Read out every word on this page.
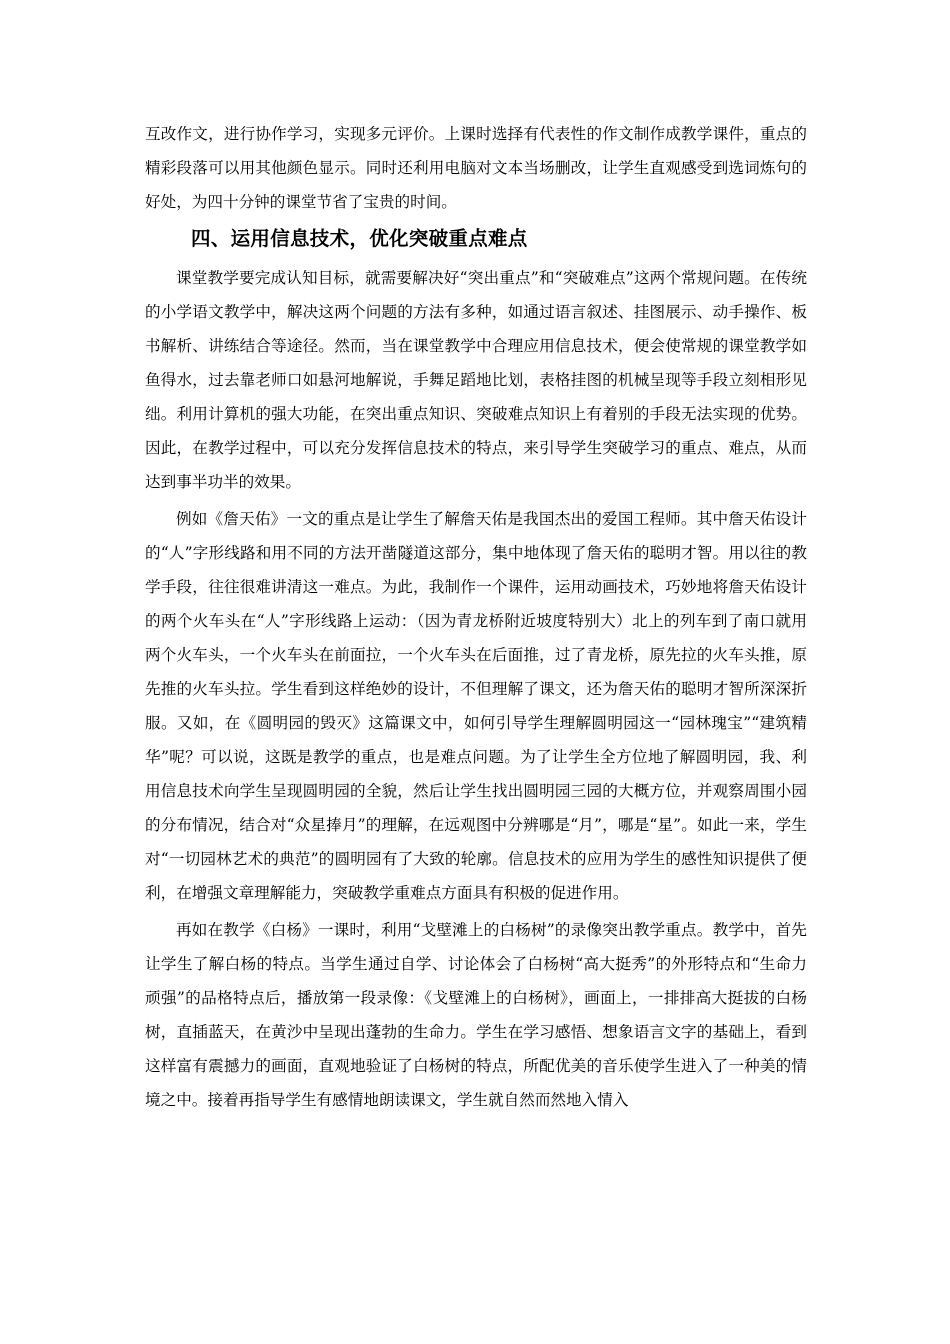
互改作文，进行协作学习，实现多元评价。上课时选择有代表性的作文制作成教学课件，重点的精彩段落可以用其他颜色显示。同时还利用电脑对文本当场删改，让学生直观感受到选词炼句的好处，为四十分钟的课堂节省了宝贵的时间。

四、运用信息技术，优化突破重点难点

课堂教学要完成认知目标，就需要解决好“突出重点”和“突破难点”这两个常规问题。在传统的小学语文教学中，解决这两个问题的方法有多种，如通过语言叙述、挂图展示、动手操作、板书解析、讲练结合等途径。然而，当在课堂教学中合理应用信息技术，便会使常规的课堂教学如鱼得水，过去靠老师口如悬河地解说，手舞足蹈地比划，表格挂图的机械呈现等手段立刻相形见绌。利用计算机的强大功能，在突出重点知识、突破难点知识上有着别的手段无法实现的优势。因此，在教学过程中，可以充分发挥信息技术的特点，来引导学生突破学习的重点、难点，从而达到事半功半的效果。

例如《詹天佑》一文的重点是让学生了解詹天佑是我国杰出的爱国工程师。其中詹天佑设计的“人”字形线路和用不同的方法开凿隧道这部分，集中地体现了詹天佑的聪明才智。用以往的教学手段，往往很难讲清这一难点。为此，我制作一个课件，运用动画技术，巧妙地将詹天佑设计的两个火车头在“人”字形线路上运动：（因为青龙桥附近坡度特别大）北上的列车到了南口就用两个火车头，一个火车头在前面拉，一个火车头在后面推，过了青龙桥，原先拉的火车头推，原先推的火车头拉。学生看到这样绝妙的设计，不但理解了课文，还为詹天佑的聪明才智所深深折服。又如，在《圆明园的毁灭》这篇课文中，如何引导学生理解圆明园这一“园林瑰宝”“建筑精华”呢？可以说，这既是教学的重点，也是难点问题。为了让学生全方位地了解圆明园，我、利用信息技术向学生呈现圆明园的全貌，然后让学生找出圆明园三园的大概方位，并观察周围小园的分布情况，结合对“众星捧月”的理解，在远观图中分辨哪是“月”，哪是“星”。如此一来，学生对“一切园林艺术的典范”的圆明园有了大致的轮廓。信息技术的应用为学生的感性知识提供了便利，在增强文章理解能力，突破教学重难点方面具有积极的促进作用。

再如在教学《白杨》一课时，利用“戈壁滩上的白杨树”的录像突出教学重点。教学中，首先让学生了解白杨的特点。当学生通过自学、讨论体会了白杨树“高大挺秀”的外形特点和“生命力顽强”的品格特点后，播放第一段录像：《戈壁滩上的白杨树》，画面上，一排排高大挺拔的白杨树，直插蓝天，在黄沙中呈现出蓬勃的生命力。学生在学习感悟、想象语言文字的基础上，看到这样富有震撼力的画面，直观地验证了白杨树的特点，所配优美的音乐使学生进入了一种美的情境之中。接着再指导学生有感情地朗读课文，学生就自然而然地入情入
